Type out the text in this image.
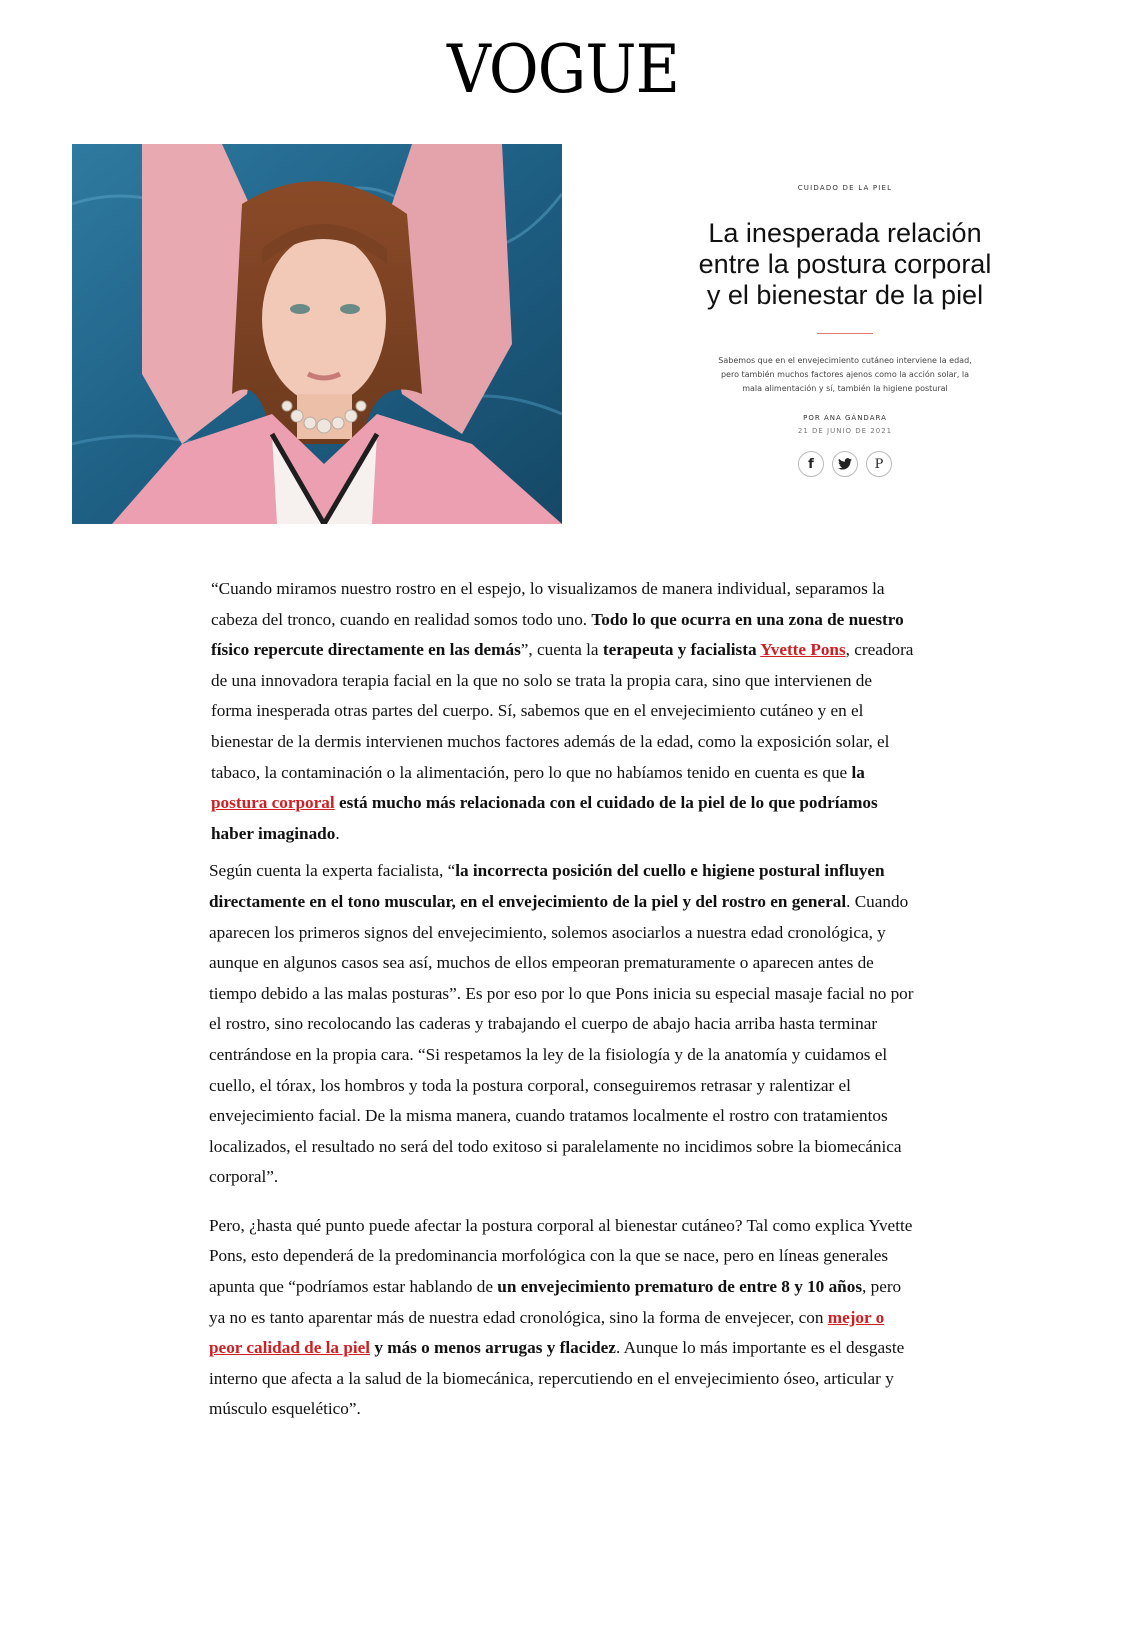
VOGUE
CUIDADO DE LA PIEL
La inesperada relación entre la postura corporal y el bienestar de la piel
Sabemos que en el envejecimiento cutáneo interviene la edad, pero también muchos factores ajenos como la acción solar, la mala alimentación y sí, también la higiene postural
POR ANA GÁNDARA
21 DE JUNIO DE 2021
f	P

“Cuando miramos nuestro rostro en el espejo, lo visualizamos de manera individual, separamos la cabeza del tronco, cuando en realidad somos todo uno. Todo lo que ocurra en una zona de nuestro físico repercute directamente en las demás”, cuenta la terapeuta y facialista Yvette Pons, creadora de una innovadora terapia facial en la que no solo se trata la propia cara, sino que intervienen de forma inesperada otras partes del cuerpo. Sí, sabemos que en el envejecimiento cutáneo y en el bienestar de la dermis intervienen muchos factores además de la edad, como la exposición solar, el tabaco, la contaminación o la alimentación, pero lo que no habíamos tenido en cuenta es que la postura corporal está mucho más relacionada con el cuidado de la piel de lo que podríamos haber imaginado.

Según cuenta la experta facialista, “la incorrecta posición del cuello e higiene postural influyen directamente en el tono muscular, en el envejecimiento de la piel y del rostro en general. Cuando aparecen los primeros signos del envejecimiento, solemos asociarlos a nuestra edad cronológica, y aunque en algunos casos sea así, muchos de ellos empeoran prematuramente o aparecen antes de tiempo debido a las malas posturas”. Es por eso por lo que Pons inicia su especial masaje facial no por el rostro, sino recolocando las caderas y trabajando el cuerpo de abajo hacia arriba hasta terminar centrándose en la propia cara. “Si respetamos la ley de la fisiología y de la anatomía y cuidamos el cuello, el tórax, los hombros y toda la postura corporal, conseguiremos retrasar y ralentizar el envejecimiento facial. De la misma manera, cuando tratamos localmente el rostro con tratamientos localizados, el resultado no será del todo exitoso si paralelamente no incidimos sobre la biomecánica corporal”.

Pero, ¿hasta qué punto puede afectar la postura corporal al bienestar cutáneo? Tal como explica Yvette Pons, esto dependerá de la predominancia morfológica con la que se nace, pero en líneas generales apunta que “podríamos estar hablando de un envejecimiento prematuro de entre 8 y 10 años, pero ya no es tanto aparentar más de nuestra edad cronológica, sino la forma de envejecer, con mejor o peor calidad de la piel y más o menos arrugas y flacidez. Aunque lo más importante es el desgaste interno que afecta a la salud de la biomecánica, repercutiendo en el envejecimiento óseo, articular y músculo esquelético”.
